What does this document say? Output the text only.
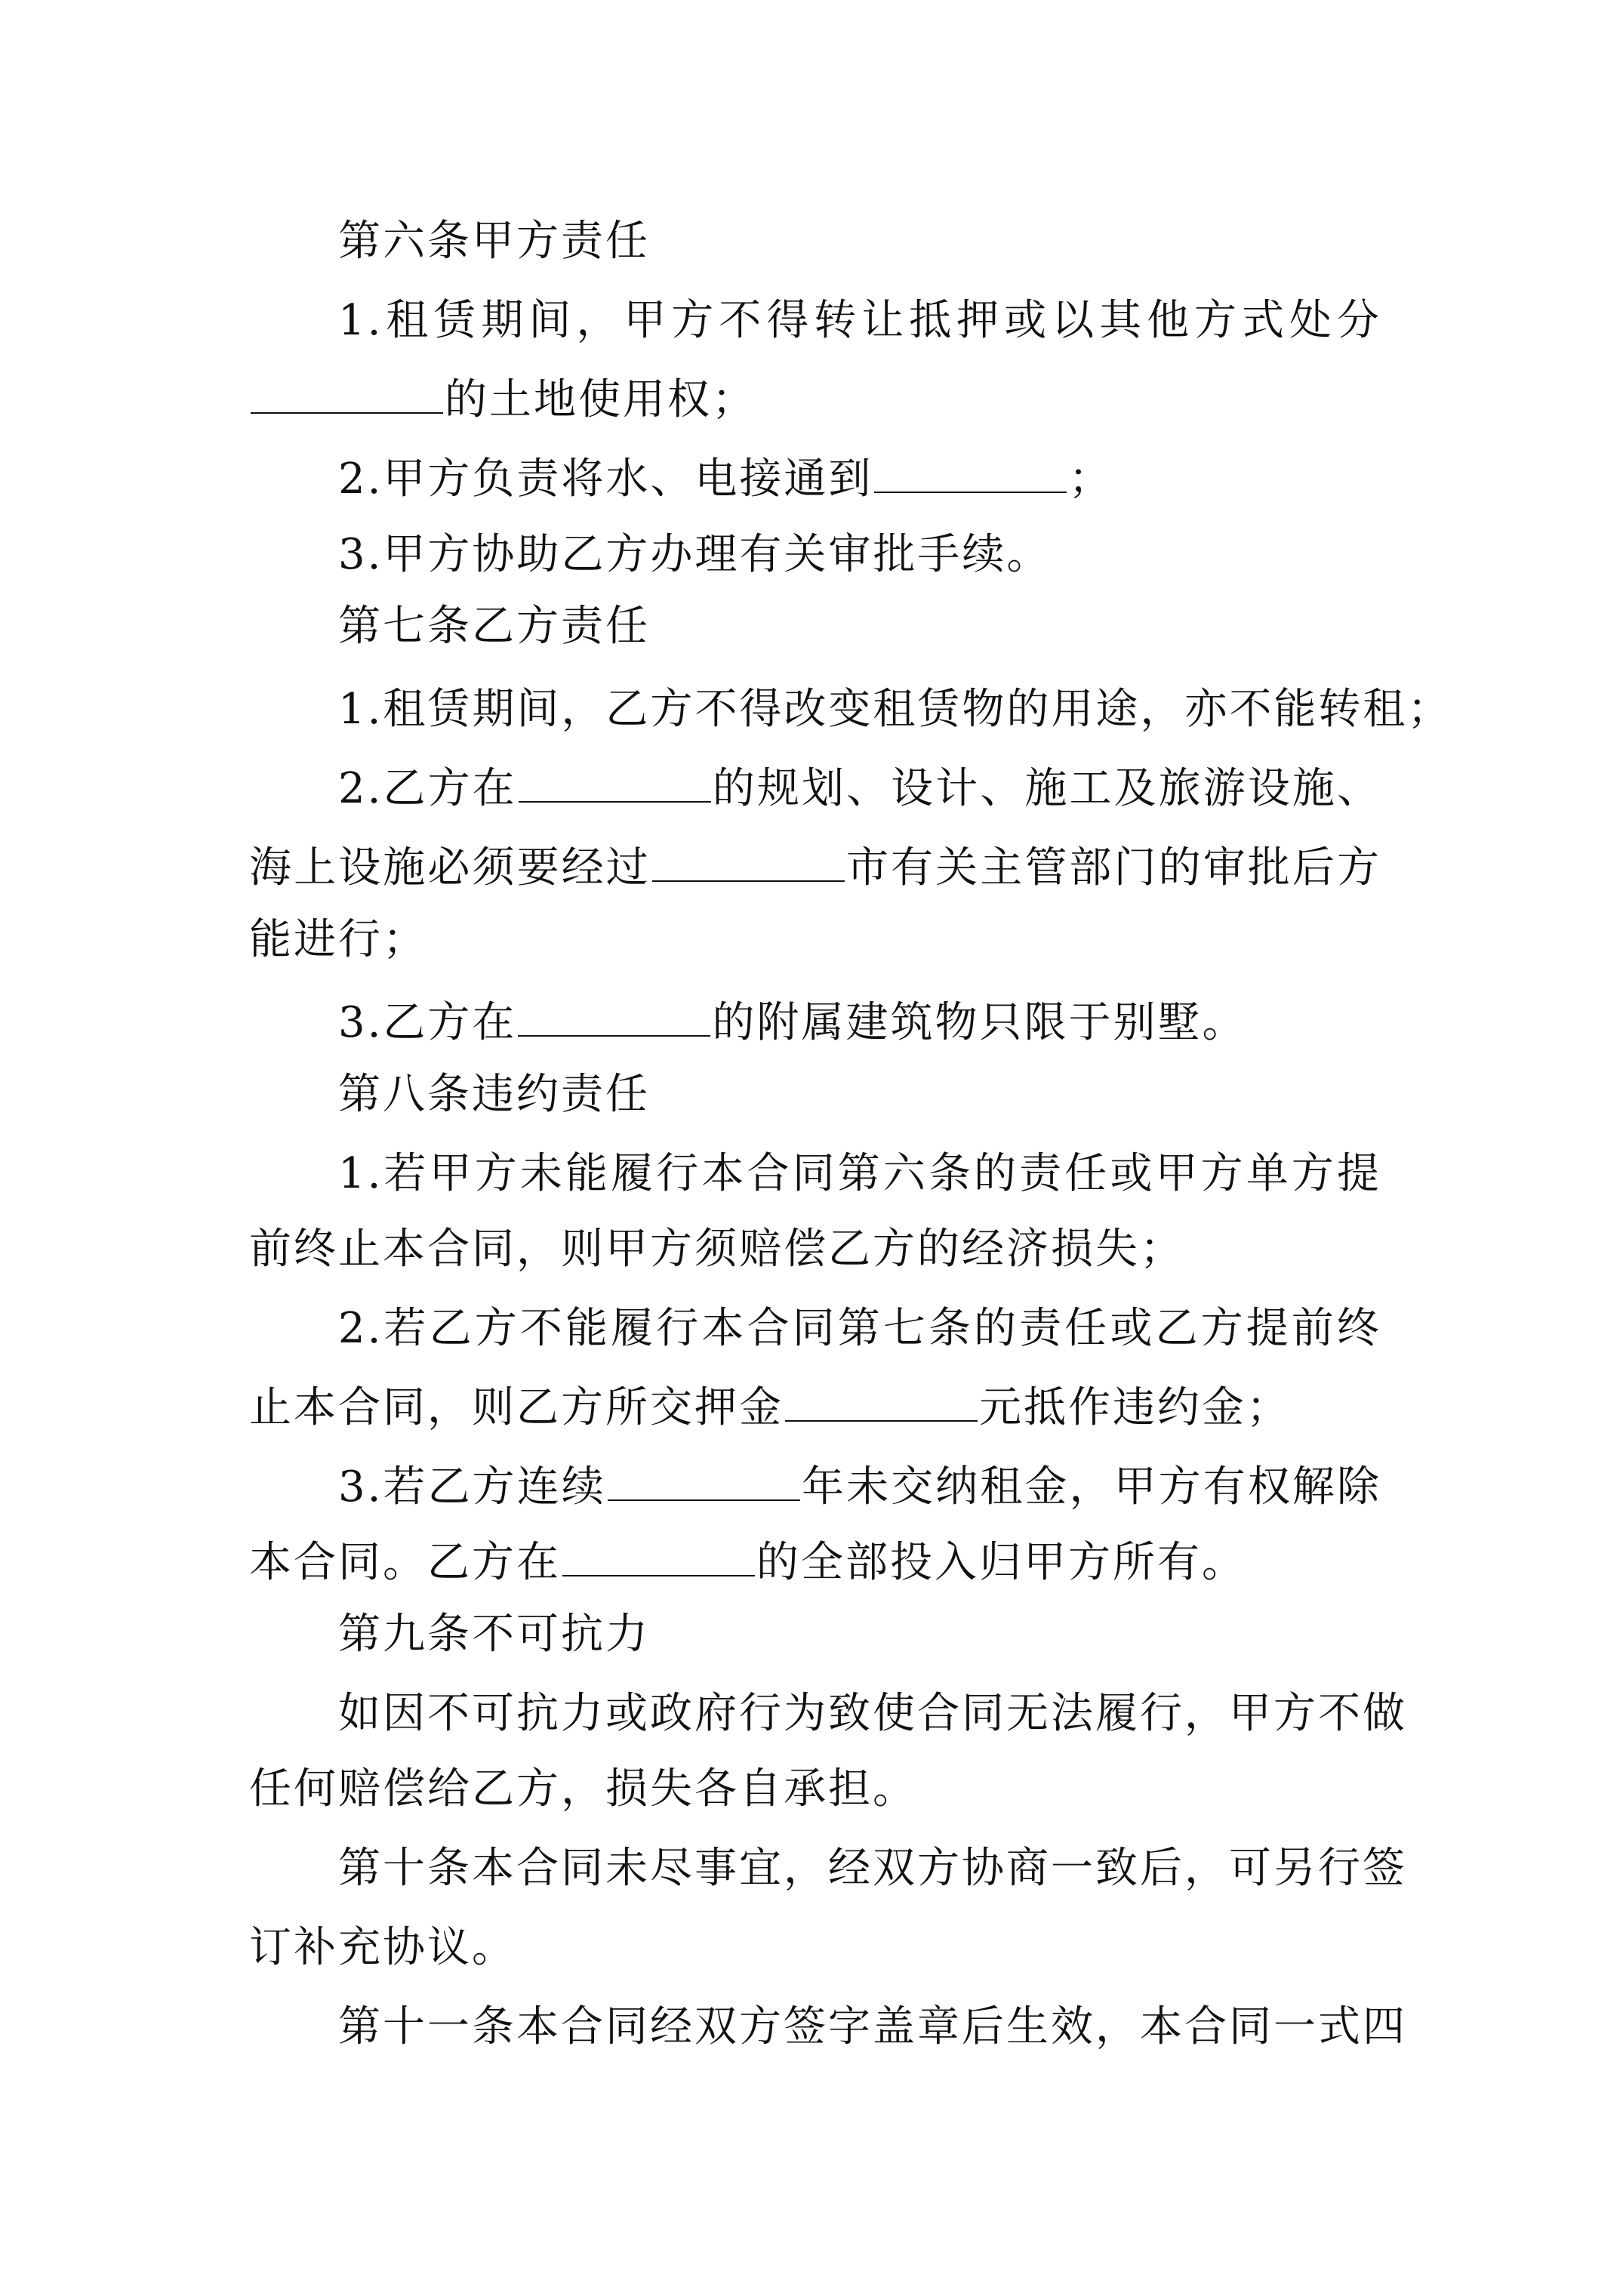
第六条甲方责任
1.租赁期间，甲方不得转让抵押或以其他方式处分
的土地使用权；
2.甲方负责将水、电接通到	；
3.甲方协助乙方办理有关审批手续。
第七条乙方责任
1.租赁期间，乙方不得改变租赁物的用途，亦不能转租；
2.乙方在	的规划、设计、施工及旅游设施、
海上设施必须要经过	市有关主管部门的审批后方
能进行；
3.乙方在	的附属建筑物只限于别墅。
第八条违约责任
1.若甲方未能履行本合同第六条的责任或甲方单方提
前终止本合同，则甲方须赔偿乙方的经济损失；
2.若乙方不能履行本合同第七条的责任或乙方提前终
止本合同，则乙方所交押金	元抵作违约金；
3.若乙方连续	年未交纳租金，甲方有权解除
本合同。乙方在	的全部投入归甲方所有。
第九条不可抗力
如因不可抗力或政府行为致使合同无法履行，甲方不做
任何赔偿给乙方，损失各自承担。
第十条本合同未尽事宜，经双方协商一致后，可另行签
订补充协议。
第十一条本合同经双方签字盖章后生效，本合同一式四
